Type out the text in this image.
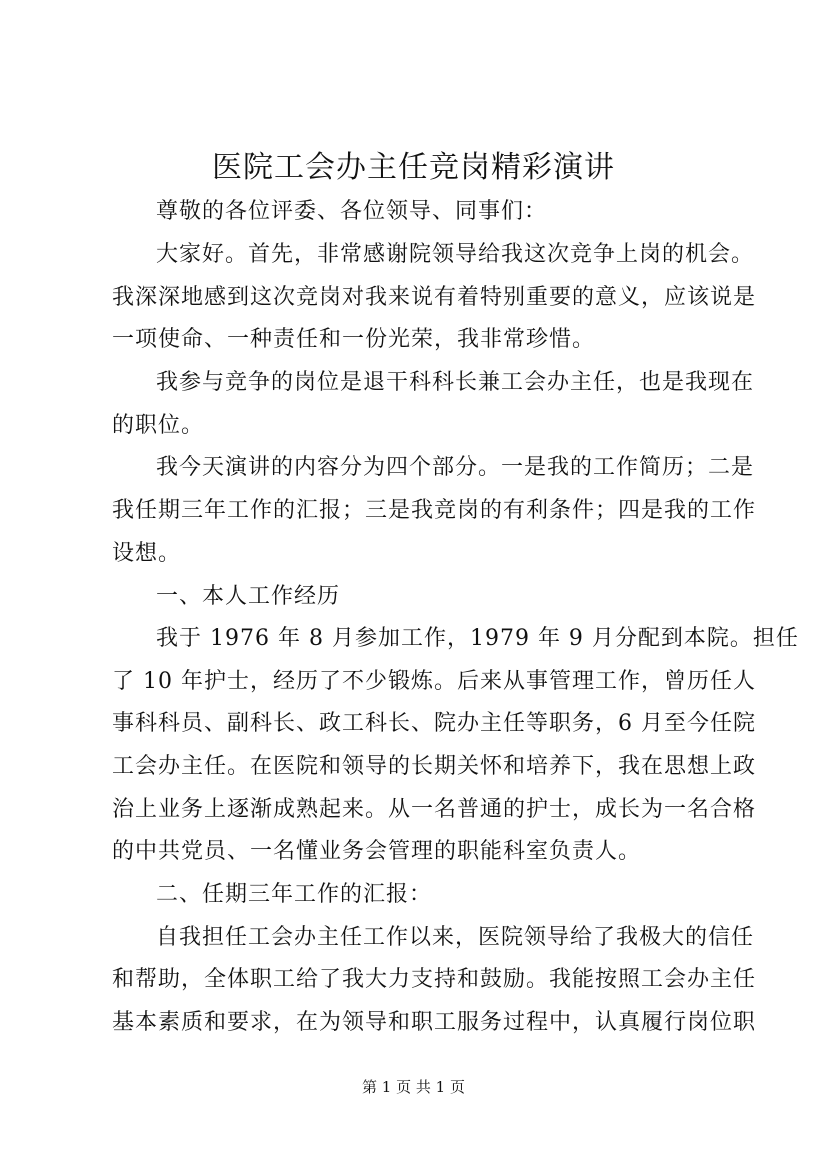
医院工会办主任竞岗精彩演讲
尊敬的各位评委、各位领导、同事们：
大家好。首先，非常感谢院领导给我这次竞争上岗的机会。
我深深地感到这次竞岗对我来说有着特别重要的意义，应该说是
一项使命、一种责任和一份光荣，我非常珍惜。
我参与竞争的岗位是退干科科长兼工会办主任，也是我现在
的职位。
我今天演讲的内容分为四个部分。一是我的工作简历；二是
我任期三年工作的汇报；三是我竞岗的有利条件；四是我的工作
设想。
一、本人工作经历
我于 1976 年 8 月参加工作，1979 年 9 月分配到本院。担任
了 10 年护士，经历了不少锻炼。后来从事管理工作，曾历任人
事科科员、副科长、政工科长、院办主任等职务，6 月至今任院
工会办主任。在医院和领导的长期关怀和培养下，我在思想上政
治上业务上逐渐成熟起来。从一名普通的护士，成长为一名合格
的中共党员、一名懂业务会管理的职能科室负责人。
二、任期三年工作的汇报：
自我担任工会办主任工作以来，医院领导给了我极大的信任
和帮助，全体职工给了我大力支持和鼓励。我能按照工会办主任
基本素质和要求，在为领导和职工服务过程中，认真履行岗位职
第 1 页 共 1 页
